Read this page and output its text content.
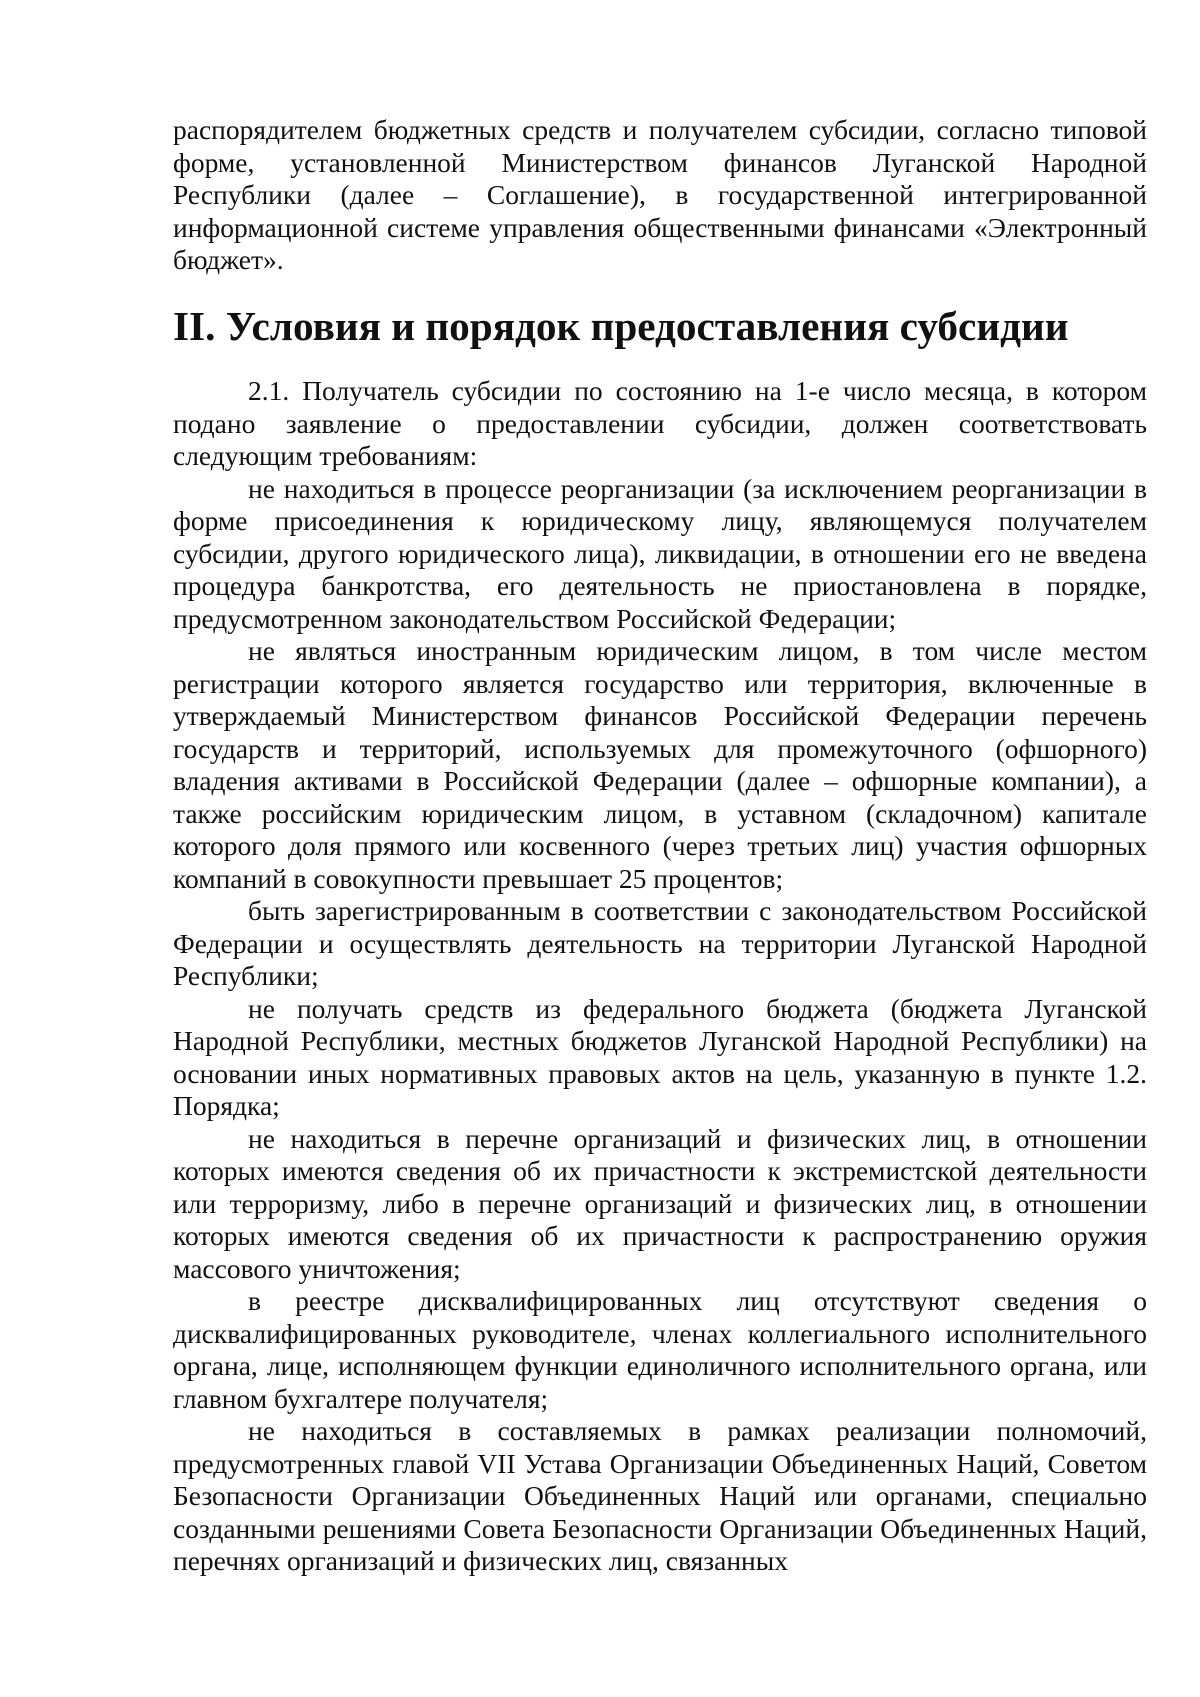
распорядителем бюджетных средств и получателем субсидии, согласно типовой форме, установленной Министерством финансов Луганской Народной Республики (далее – Соглашение), в государственной интегрированной информационной системе управления общественными финансами «Электронный бюджет».

II. Условия и порядок предоставления субсидии

2.1. Получатель субсидии по состоянию на 1-е число месяца, в котором подано заявление о предоставлении субсидии, должен соответствовать следующим требованиям:

не находиться в процессе реорганизации (за исключением реорганизации в форме присоединения к юридическому лицу, являющемуся получателем субсидии, другого юридического лица), ликвидации, в отношении его не введена процедура банкротства, его деятельность не приостановлена в порядке, предусмотренном законодательством Российской Федерации;

не являться иностранным юридическим лицом, в том числе местом регистрации которого является государство или территория, включенные в утверждаемый Министерством финансов Российской Федерации перечень государств и территорий, используемых для промежуточного (офшорного) владения активами в Российской Федерации (далее – офшорные компании), а также российским юридическим лицом, в уставном (складочном) капитале которого доля прямого или косвенного (через третьих лиц) участия офшорных компаний в совокупности превышает 25 процентов;

быть зарегистрированным в соответствии с законодательством Российской Федерации и осуществлять деятельность на территории Луганской Народной Республики;

не получать средств из федерального бюджета (бюджета Луганской Народной Республики, местных бюджетов Луганской Народной Республики) на основании иных нормативных правовых актов на цель, указанную в пункте 1.2. Порядка;

не находиться в перечне организаций и физических лиц, в отношении которых имеются сведения об их причастности к экстремистской деятельности или терроризму, либо в перечне организаций и физических лиц, в отношении которых имеются сведения об их причастности к распространению оружия массового уничтожения;

в реестре дисквалифицированных лиц отсутствуют сведения о дисквалифицированных руководителе, членах коллегиального исполнительного органа, лице, исполняющем функции единоличного исполнительного органа, или главном бухгалтере получателя;

не находиться в составляемых в рамках реализации полномочий, предусмотренных главой VII Устава Организации Объединенных Наций, Советом Безопасности Организации Объединенных Наций или органами, специально созданными решениями Совета Безопасности Организации Объединенных Наций, перечнях организаций и физических лиц, связанных
